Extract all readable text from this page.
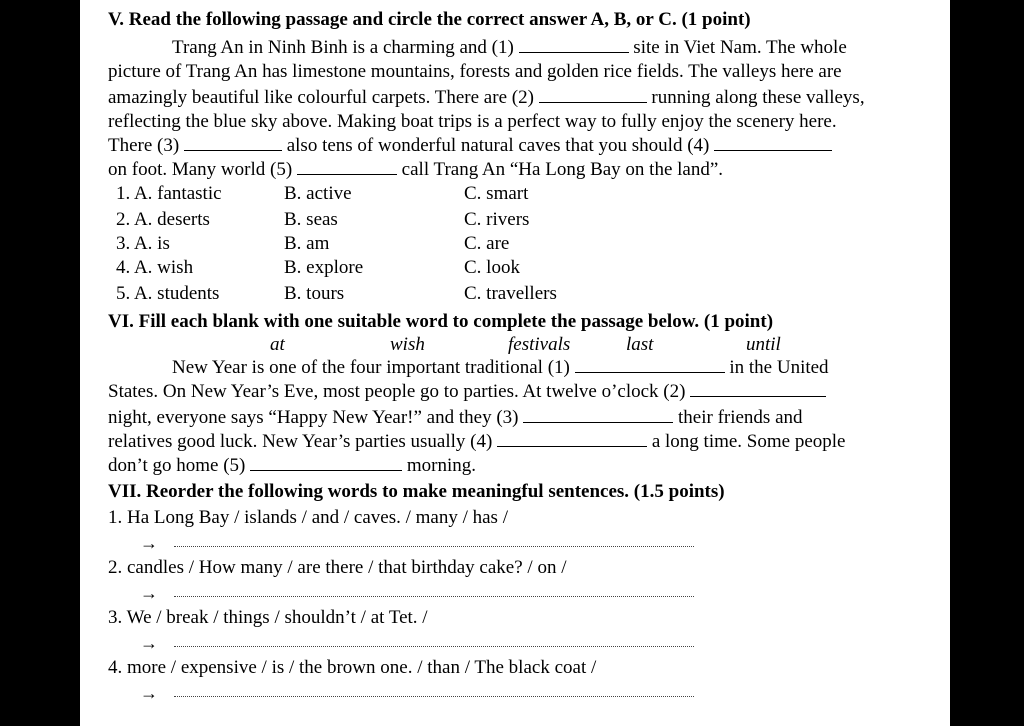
V. Read the following passage and circle the correct answer A, B, or C. (1 point)
Trang An in Ninh Binh is a charming and (1)	site in Viet Nam. The whole
picture of Trang An has limestone mountains, forests and golden rice fields. The valleys here are
amazingly beautiful like colourful carpets. There are (2)	running along these valleys,
reflecting the blue sky above. Making boat trips is a perfect way to fully enjoy the scenery here.
There (3)	also tens of wonderful natural caves that you should (4)
on foot. Many world (5)	call Trang An “Ha Long Bay on the land”.
1. A. fantastic	B. active	C. smart
2. A. deserts	B. seas	C. rivers
3. A. is	B. am	C. are
4. A. wish	B. explore	C. look
5. A. students	B. tours	C. travellers
VI. Fill each blank with one suitable word to complete the passage below. (1 point)
at	wish	festivals	last	until
New Year is one of the four important traditional (1)	in the United
States. On New Year’s Eve, most people go to parties. At twelve o’clock (2)
night, everyone says “Happy New Year!” and they (3)	their friends and
relatives good luck. New Year’s parties usually (4)	a long time. Some people
don’t go home (5)	morning.
VII. Reorder the following words to make meaningful sentences. (1.5 points)
1. Ha Long Bay / islands / and / caves. / many / has /
→
2. candles / How many / are there / that birthday cake? / on /
→
3. We / break / things / shouldn’t / at Tet. /
→
4. more / expensive / is / the brown one. / than / The black coat /
→
